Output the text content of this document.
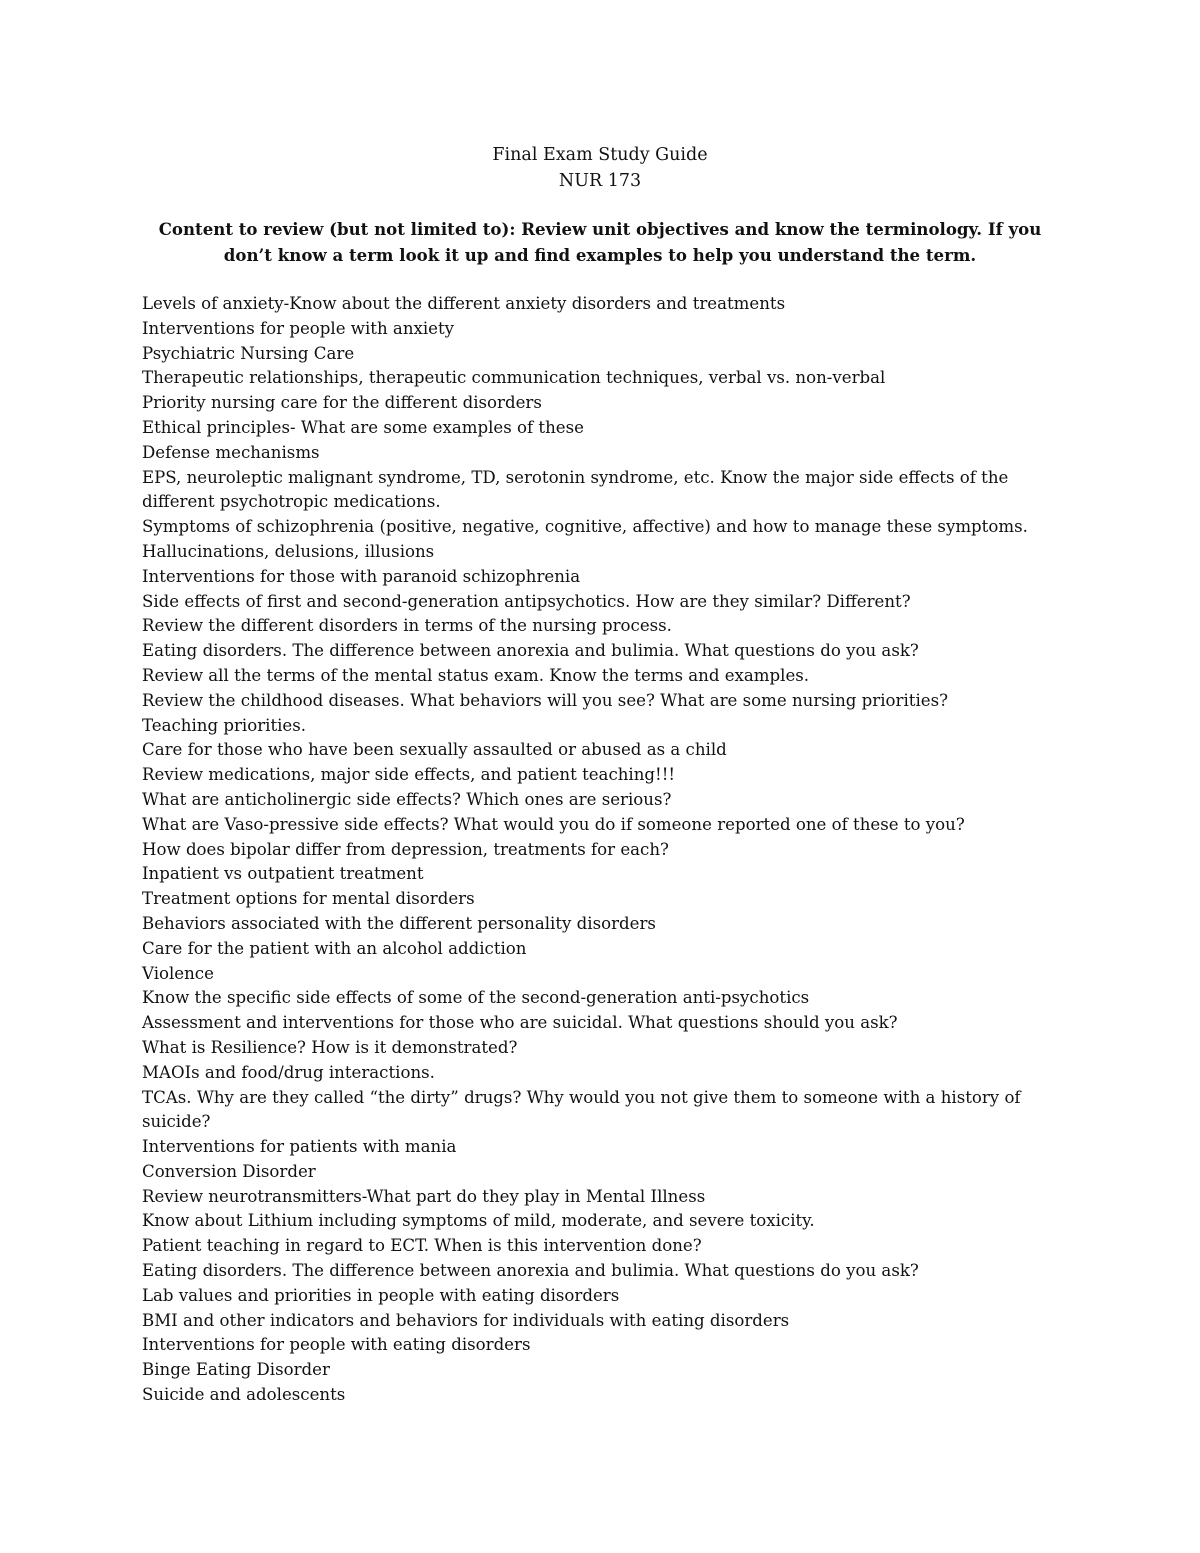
Final Exam Study Guide
NUR 173
Content to review (but not limited to): Review unit objectives and know the terminology. If you don’t know a term look it up and find examples to help you understand the term.
Levels of anxiety-Know about the different anxiety disorders and treatments
Interventions for people with anxiety
Psychiatric Nursing Care
Therapeutic relationships, therapeutic communication techniques, verbal vs. non-verbal
Priority nursing care for the different disorders
Ethical principles- What are some examples of these
Defense mechanisms
EPS, neuroleptic malignant syndrome, TD, serotonin syndrome, etc. Know the major side effects of the different psychotropic medications.
Symptoms of schizophrenia (positive, negative, cognitive, affective) and how to manage these symptoms.
Hallucinations, delusions, illusions
Interventions for those with paranoid schizophrenia
Side effects of first and second-generation antipsychotics. How are they similar? Different?
Review the different disorders in terms of the nursing process.
Eating disorders. The difference between anorexia and bulimia. What questions do you ask?
Review all the terms of the mental status exam. Know the terms and examples.
Review the childhood diseases. What behaviors will you see? What are some nursing priorities?
Teaching priorities.
Care for those who have been sexually assaulted or abused as a child
Review medications, major side effects, and patient teaching!!!
What are anticholinergic side effects? Which ones are serious?
What are Vaso-pressive side effects? What would you do if someone reported one of these to you?
How does bipolar differ from depression, treatments for each?
Inpatient vs outpatient treatment
Treatment options for mental disorders
Behaviors associated with the different personality disorders
Care for the patient with an alcohol addiction
Violence
Know the specific side effects of some of the second-generation anti-psychotics
Assessment and interventions for those who are suicidal. What questions should you ask?
What is Resilience? How is it demonstrated?
MAOIs and food/drug interactions.
TCAs. Why are they called “the dirty” drugs? Why would you not give them to someone with a history of suicide?
Interventions for patients with mania
Conversion Disorder
Review neurotransmitters-What part do they play in Mental Illness
Know about Lithium including symptoms of mild, moderate, and severe toxicity.
Patient teaching in regard to ECT. When is this intervention done?
Eating disorders. The difference between anorexia and bulimia. What questions do you ask?
Lab values and priorities in people with eating disorders
BMI and other indicators and behaviors for individuals with eating disorders
Interventions for people with eating disorders
Binge Eating Disorder
Suicide and adolescents
